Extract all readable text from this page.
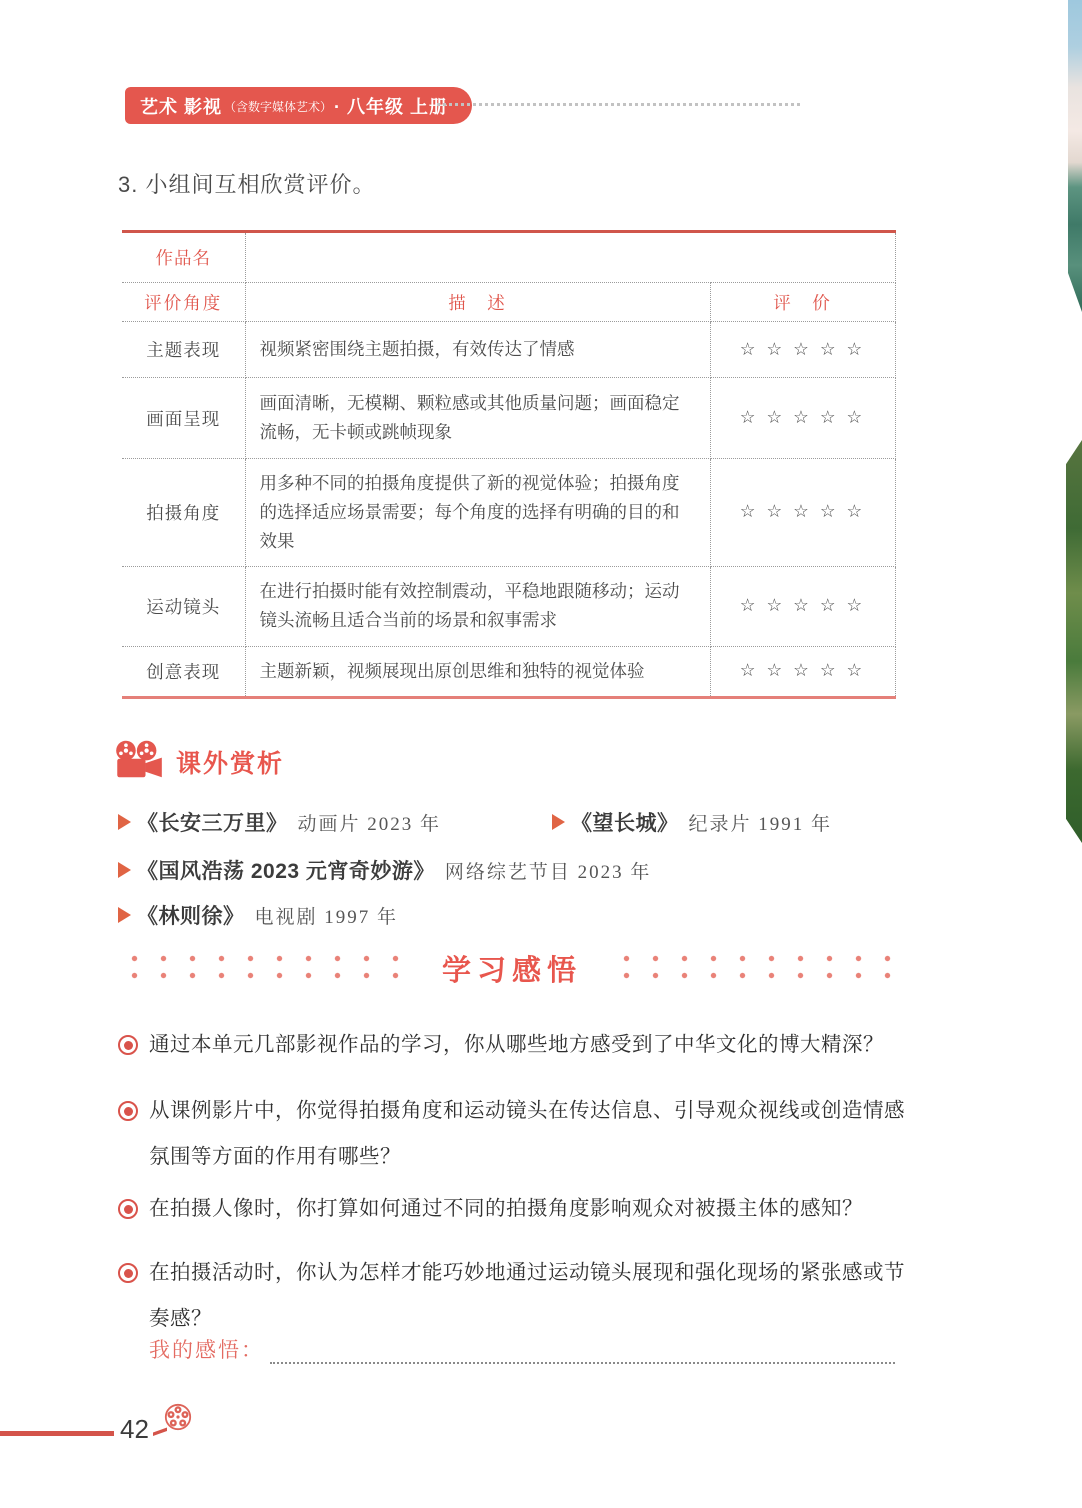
艺术 影视 （含数字媒体艺术） · 八年级 上册
3. 小组间互相欣赏评价。
作品名		
评价角度	描　述	评　价
主题表现	视频紧密围绕主题拍摄，有效传达了情感	☆☆☆☆☆
画面呈现	画面清晰，无模糊、颗粒感或其他质量问题；画面稳定流畅，无卡顿或跳帧现象	☆☆☆☆☆
拍摄角度	用多种不同的拍摄角度提供了新的视觉体验；拍摄角度的选择适应场景需要；每个角度的选择有明确的目的和效果	☆☆☆☆☆
运动镜头	在进行拍摄时能有效控制震动，平稳地跟随移动；运动镜头流畅且适合当前的场景和叙事需求	☆☆☆☆☆
创意表现	主题新颖，视频展现出原创思维和独特的视觉体验	☆☆☆☆☆
课外赏析
《长安三万里》 动画片 2023 年	《望长城》 纪录片 1991 年
《国风浩荡 2023 元宵奇妙游》 网络综艺节目 2023 年
《林则徐》 电视剧 1997 年
学习感悟
通过本单元几部影视作品的学习，你从哪些地方感受到了中华文化的博大精深？
从课例影片中，你觉得拍摄角度和运动镜头在传达信息、引导观众视线或创造情感氛围等方面的作用有哪些？
在拍摄人像时，你打算如何通过不同的拍摄角度影响观众对被摄主体的感知？
在拍摄活动时，你认为怎样才能巧妙地通过运动镜头展现和强化现场的紧张感或节奏感？
我的感悟：
42
